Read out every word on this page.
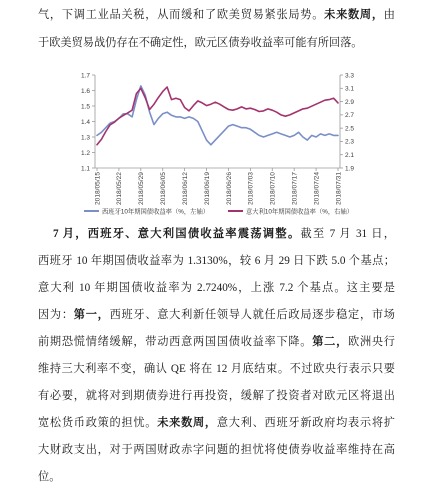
气，下调工业品关税，从而缓和了欧美贸易紧张局势。未来数周，由
于欧美贸易战仍存在不确定性，欧元区债券收益率可能有所回落。
1.7
1.6
1.5
1.4
1.3
1.2
1.1
3.3
3.1
2.9
2.7
2.5
2.3
2.1
1.9
2018/05/15 2018/05/22 2018/05/29 2018/06/05 2018/06/12 2018/06/19 2018/06/26 2018/07/03 2018/07/10 2018/07/17 2018/07/24 2018/07/31
西班牙10年期国债收益率（%，左轴）	意大利10年期国债收益率（%，右轴）
7 月，西班牙、意大利国债收益率震荡调整。截至 7 月 31 日，
西班牙 10 年期国债收益率为 1.3130%，较 6 月 29 日下跌 5.0 个基点；
意大利 10 年期国债收益率为 2.7240%，上涨 7.2 个基点。这主要是
因为：第一，西班牙、意大利新任领导人就任后政局逐步稳定，市场
前期恐慌情绪缓解，带动西意两国国债收益率下降。第二，欧洲央行
维持三大利率不变，确认 QE 将在 12 月底结束。不过欧央行表示只要
有必要，就将对到期债券进行再投资，缓解了投资者对欧元区将退出
宽松货币政策的担忧。未来数周，意大利、西班牙新政府均表示将扩
大财政支出，对于两国财政赤字问题的担忧将使债券收益率维持在高
位。
